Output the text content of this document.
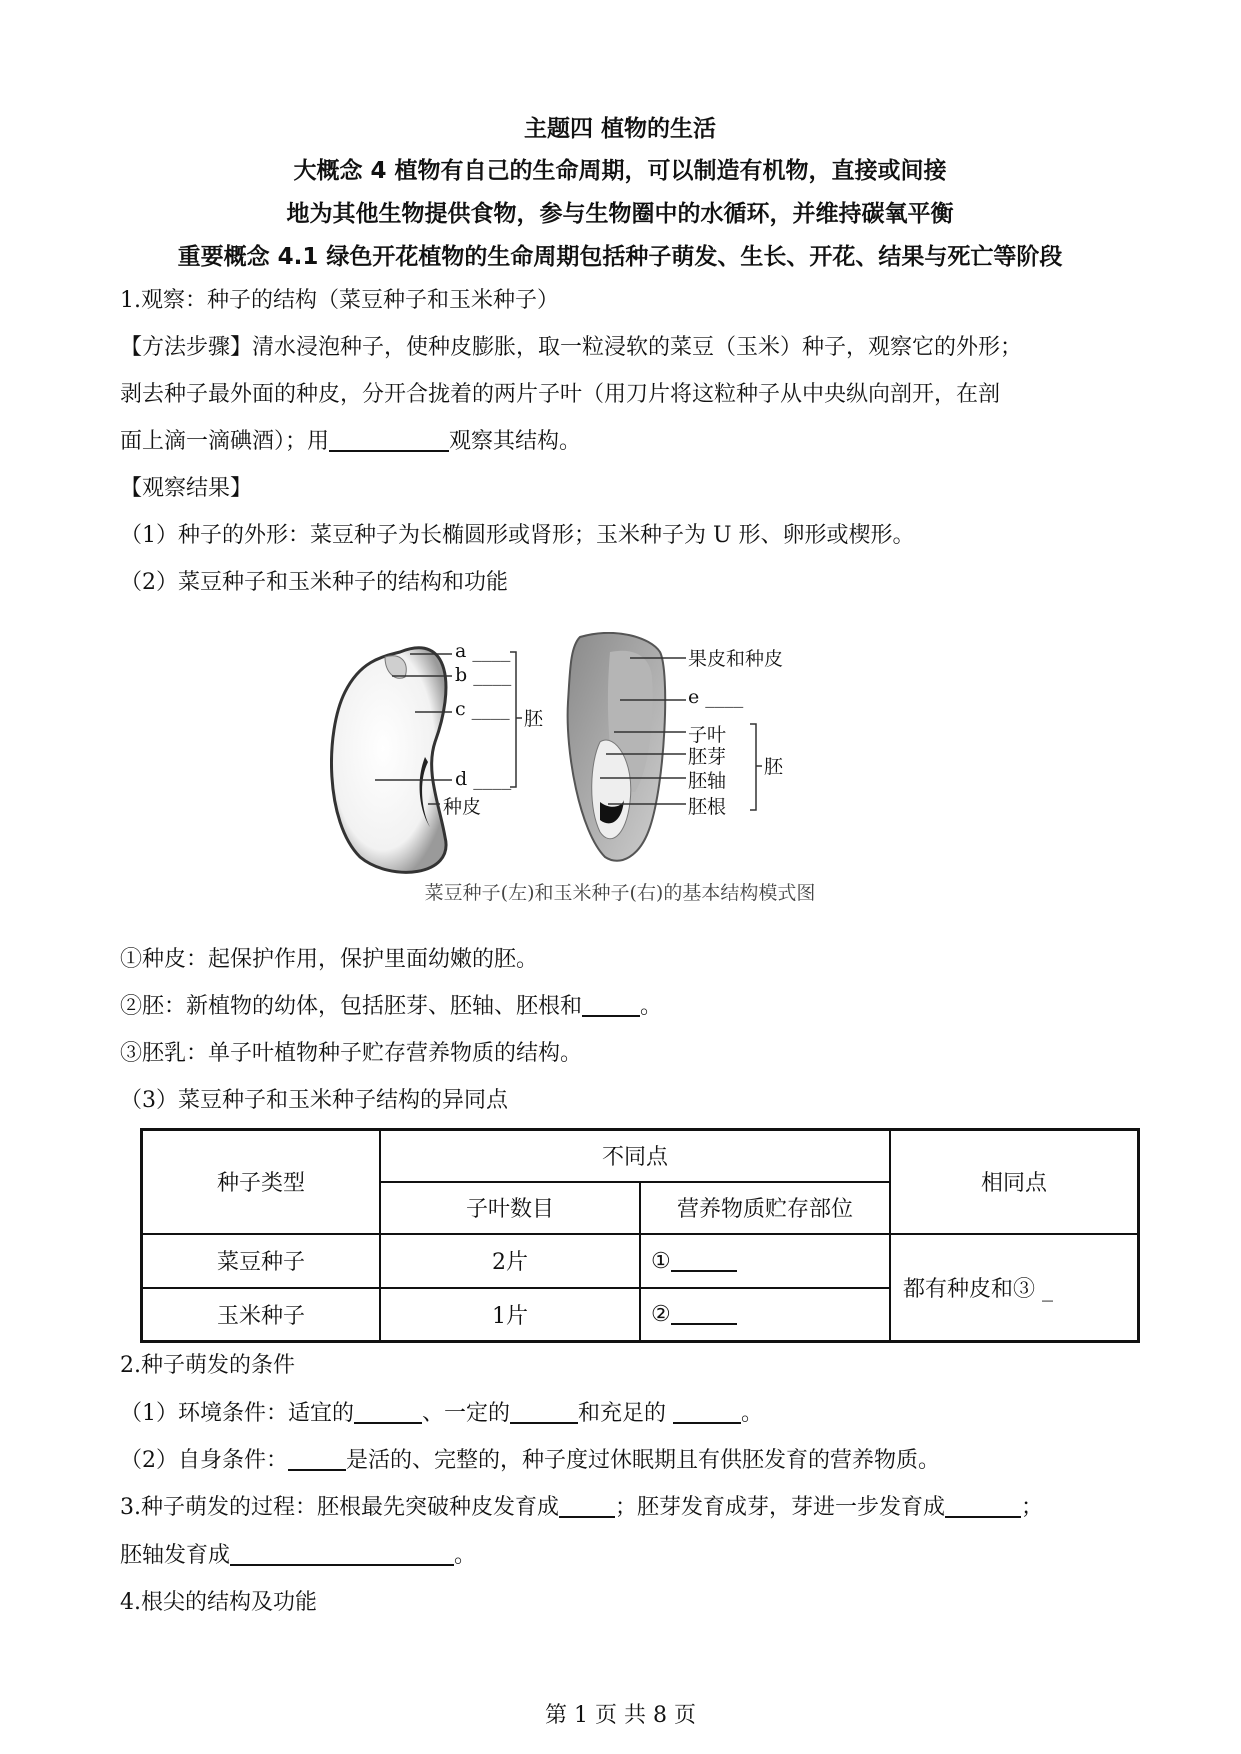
主题四 植物的生活
大概念 4 植物有自己的生命周期，可以制造有机物，直接或间接
地为其他生物提供食物，参与生物圈中的水循环，并维持碳氧平衡
重要概念 4.1 绿色开花植物的生命周期包括种子萌发、生长、开花、结果与死亡等阶段
1.观察：种子的结构（菜豆种子和玉米种子）
【方法步骤】清水浸泡种子，使种皮膨胀，取一粒浸软的菜豆（玉米）种子，观察它的外形；
剥去种子最外面的种皮，分开合拢着的两片子叶（用刀片将这粒种子从中央纵向剖开，在剖
面上滴一滴碘酒）；用	观察其结构。
【观察结果】
（1）种子的外形：菜豆种子为长椭圆形或肾形；玉米种子为 U 形、卵形或楔形。
（2）菜豆种子和玉米种子的结构和功能
a ____
b ____
c ____
d ____
胚
种皮
果皮和种皮
e ____
子叶
胚芽
胚轴
胚根
胚
菜豆种子(左)和玉米种子(右)的基本结构模式图
①种皮：起保护作用，保护里面幼嫩的胚。
②胚：新植物的幼体，包括胚芽、胚轴、胚根和	。
③胚乳：单子叶植物种子贮存营养物质的结构。
（3）菜豆种子和玉米种子结构的异同点
种子类型	不同点		相同点
	子叶数目	营养物质贮存部位	
菜豆种子	2片	①	都有种皮和③ _
玉米种子	1片	②	
2.种子萌发的条件
（1）环境条件：适宜的	、一定的	和充足的	。
（2）自身条件：	是活的、完整的，种子度过休眠期且有供胚发育的营养物质。
3.种子萌发的过程：胚根最先突破种皮发育成	；胚芽发育成芽，芽进一步发育成	；
胚轴发育成	。
4.根尖的结构及功能
第 1 页 共 8 页
